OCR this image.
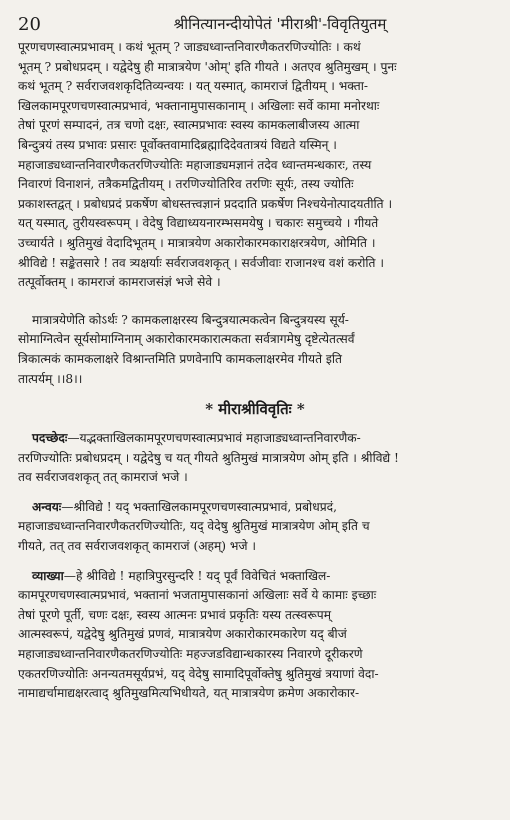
20	श्रीनित्यानन्दीयोपेतं 'मीराश्री'-विवृतियुतम्

पूरणचणस्वात्मप्रभावम् । कथं भूतम् ? जाड्यध्वान्तनिवारणैकतरणिज्योतिः । कथं

भूतम् ? प्रबोधप्रदम् । यद्वेदेषु ही मात्रात्रयेण 'ओम्' इति गीयते । अतएव श्रुतिमुखम् । पुनः

कथं भूतम् ? सर्वराजवशकृदितिव्यन्वयः । यत् यस्मात्, कामराजं द्वितीयम् । भक्ता-

खिलकामपूरणचणस्वात्मप्रभावं, भक्तानामुपासकानाम् । अखिलाः सर्वे कामा मनोरथाः

तेषां पूरणं सम्पादनं, तत्र चणो दक्षः, स्वात्मप्रभावः स्वस्य कामकलाबीजस्य आत्मा

बिन्दुत्रयं तस्य प्रभावः प्रसारः पूर्वोक्तवामादिब्रह्मादिदेवतात्रयं विद्यते यस्मिन् ।

महाजाड्यध्वान्तनिवारणैकतरणिज्योतिः महाजाड्यमज्ञानं तदेव ध्वान्तमन्धकारः, तस्य

निवारणं विनाशनं, तत्रैकमद्वितीयम् । तरणिज्योतिरिव तरणिः सूर्यः, तस्य ज्योतिः

प्रकाशस्तद्वत् । प्रबोधप्रदं प्रकर्षेण बोधस्तत्त्वज्ञानं प्रददाति प्रकर्षेण निश्चयेनोत्पादयतीति ।

यत् यस्मात्, तुरीयस्वरूपम् । वेदेषु विद्याध्ययनारम्भसमयेषु । चकारः समुच्चये । गीयते

उच्चार्यते । श्रुतिमुखं वेदादिभूतम् । मात्रात्रयेण अकारोकारमकाराक्षरत्रयेण, ओमिति ।

श्रीविद्ये ! सङ्केतसारे ! तव त्र्यक्षर्याः सर्वराजवशकृत् । सर्वजीवाः राजानश्च वशं करोति ।

तत्पूर्वोक्तम् । कामराजं कामराजसंज्ञं भजे सेवे ।

मात्रात्रयेणेति कोऽर्थः ? कामकलाक्षरस्य बिन्दुत्रयात्मकत्वेन बिन्दुत्रयस्य सूर्य-

सोमाग्नित्वेन सूर्यसोमाग्निनाम् अकारोकारमकारात्मकता सर्वत्रागमेषु दृष्टेत्येतत्सर्वं

त्रिकात्मकं कामकलाक्षरे विश्रान्तमिति प्रणवेनापि कामकलाक्षरमेव गीयते इति

तात्पर्यम् ।।8।।

* मीराश्रीविवृतिः *

पदच्छेदः—यद्भक्ताखिलकामपूरणचणस्वात्मप्रभावं महाजाड्यध्वान्तनिवारणैक-

तरणिज्योतिः प्रबोधप्रदम् । यद्वेदेषु च यत् गीयते श्रुतिमुखं मात्रात्रयेण ओम् इति । श्रीविद्ये !

तव सर्वराजवशकृत् तत् कामराजं भजे ।

अन्वयः—श्रीविद्ये ! यद् भक्ताखिलकामपूरणचणस्वात्मप्रभावं, प्रबोधप्रदं,

महाजाड्यध्वान्तनिवारणैकतरणिज्योतिः, यद् वेदेषु श्रुतिमुखं मात्रात्रयेण ओम् इति च

गीयते, तत् तव सर्वराजवशकृत् कामराजं (अहम्) भजे ।

व्याख्या—हे श्रीविद्ये ! महात्रिपुरसुन्दरि ! यद् पूर्वं विवेचितं भक्ताखिल-

कामपूरणचणस्वात्मप्रभावं, भक्तानां भजतामुपासकानां अखिलाः सर्वे ये कामाः इच्छाः

तेषां पूरणे पूर्ती, चणः दक्षः, स्वस्य आत्मनः प्रभावं प्रकृतिः यस्य तत्स्वरूपम्

आत्मस्वरूपं, यद्वेदेषु श्रुतिमुखं प्रणवं, मात्रात्रयेण अकारोकारमकारेण यद् बीजं

महाजाड्यध्वान्तनिवारणैकतरणिज्योतिः महज्जडविद्यान्धकारस्य निवारणे दूरीकरणे

एकतरणिज्योतिः अनन्यतमसूर्यप्रभं, यद् वेदेषु सामादिपूर्वोक्तेषु श्रुतिमुखं त्रयाणां वेदा-

नामाद्यर्चामाद्यक्षरत्वाद् श्रुतिमुखमित्यभिधीयते, यत् मात्रात्रयेण क्रमेण अकारोकार-
